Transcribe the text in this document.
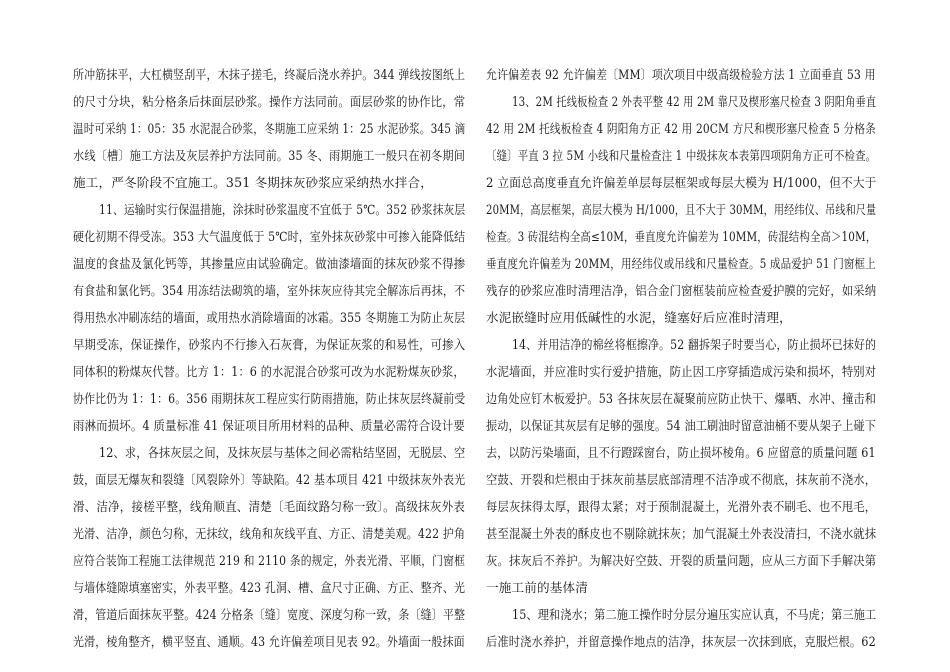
所冲筋抹平，大杠横竖刮平，木抹子搓毛，终凝后浇水养护。344 弹线按图纸上
的尺寸分块，粘分格条后抹面层砂浆。操作方法同前。面层砂浆的协作比，常
温时可采纳 1：05：35 水泥混合砂浆，冬期施工应采纳 1：25 水泥砂浆。345 滴
水线〔槽〕施工方法及灰层养护方法同前。35 冬、雨期施工一般只在初冬期间
施工，严冬阶段不宜施工。351 冬期抹灰砂浆应采纳热水拌合，
11、运输时实行保温措施，涂抹时砂浆温度不宜低于 5℃。352 砂浆抹灰层
硬化初期不得受冻。353 大气温度低于 5℃时，室外抹灰砂浆中可掺入能降低结
温度的食盐及氯化钙等，其掺量应由试验确定。做油漆墙面的抹灰砂浆不得掺
有食盐和氯化钙。354 用冻结法砌筑的墙，室外抹灰应待其完全解冻后再抹，不
得用热水冲刷冻结的墙面，或用热水消除墙面的冰霜。355 冬期施工为防止灰层
早期受冻，保证操作，砂浆内不行掺入石灰膏，为保证灰浆的和易性，可掺入
同体积的粉煤灰代替。比方 1：1：6 的水泥混合砂浆可改为水泥粉煤灰砂浆，
协作比仍为 1：1：6。356 雨期抹灰工程应实行防雨措施，防止抹灰层终凝前受
雨淋而损坏。4 质量标准 41 保证项目所用材料的品种、质量必需符合设计要
12、求，各抹灰层之间，及抹灰层与基体之间必需粘结坚固，无脱层、空
鼓，面层无爆灰和裂缝〔风裂除外〕等缺陷。42 基本项目 421 中级抹灰外表光
滑、洁净，接槎平整，线角顺直、清楚〔毛面纹路匀称一致〕。高级抹灰外表
光滑、洁净，颜色匀称，无抹纹，线角和灰线平直、方正、清楚美观。422 护角
应符合装饰工程施工法律规范 219 和 2110 条的规定，外表光滑、平顺，门窗框
与墙体缝隙填塞密实，外表平整。423 孔洞、槽、盒尺寸正确、方正、整齐、光
滑，管道后面抹灰平整。424 分格条〔缝〕宽度、深度匀称一致，条〔缝〕平整
光滑，棱角整齐，横平竖直、通顺。43 允许偏差项目见表 92。外墙面一般抹面
允许偏差表 92 允许偏差〔MM〕项次项目中级高级检验方法 1 立面垂直 53 用
13、2M 托线板检查 2 外表平整 42 用 2M 靠尺及楔形塞尺检查 3 阴阳角垂直
42 用 2M 托线板检查 4 阴阳角方正 42 用 20CM 方尺和楔形塞尺检查 5 分格条
〔缝〕平直 3 拉 5M 小线和尺量检查注 1 中级抹灰本表第四项阴角方正可不检查。
2 立面总高度垂直允许偏差单层每层框架或每层大模为 H/1000，但不大于
20MM，高层框架，高层大模为 H/1000，且不大于 30MM，用经纬仪、吊线和尺量
检查。3 砖混结构全高≤10M，垂直度允许偏差为 10MM，砖混结构全高＞10M，
垂直度允许偏差为 20MM，用经纬仪或吊线和尺量检查。5 成品爱护 51 门窗框上
残存的砂浆应准时清理洁净，铝合金门窗框装前应检查爱护膜的完好，如采纳
水泥嵌缝时应用低碱性的水泥，缝塞好后应准时清理，
14、并用洁净的棉丝将框擦净。52 翻拆架子时要当心，防止损坏已抹好的
水泥墙面，并应准时实行爱护措施，防止因工序穿插造成污染和损坏，特别对
边角处应钉木板爱护。53 各抹灰层在凝聚前应防止快干、爆晒、水冲、撞击和
振动，以保证其灰层有足够的强度。54 油工刷油时留意油桶不要从架子上碰下
去，以防污染墙面，且不行蹬踩窗台，防止损坏棱角。6 应留意的质量问题 61
空鼓、开裂和烂根由于抹灰前基层底部清理不洁净或不彻底，抹灰前不浇水，
每层灰抹得太厚，跟得太紧；对于预制混凝土，光滑外表不刷毛、也不甩毛，
甚至混凝土外表的酥皮也不剔除就抹灰；加气混凝土外表没清扫，不浇水就抹
灰。抹灰后不养护。为解决好空鼓、开裂的质量问题，应从三方面下手解决第
一施工前的基体清
15、理和浇水；第二施工操作时分层分遍压实应认真，不马虎；第三施工
后准时浇水养护，并留意操作地点的洁净，抹灰层一次抹到底，克服烂根。62
